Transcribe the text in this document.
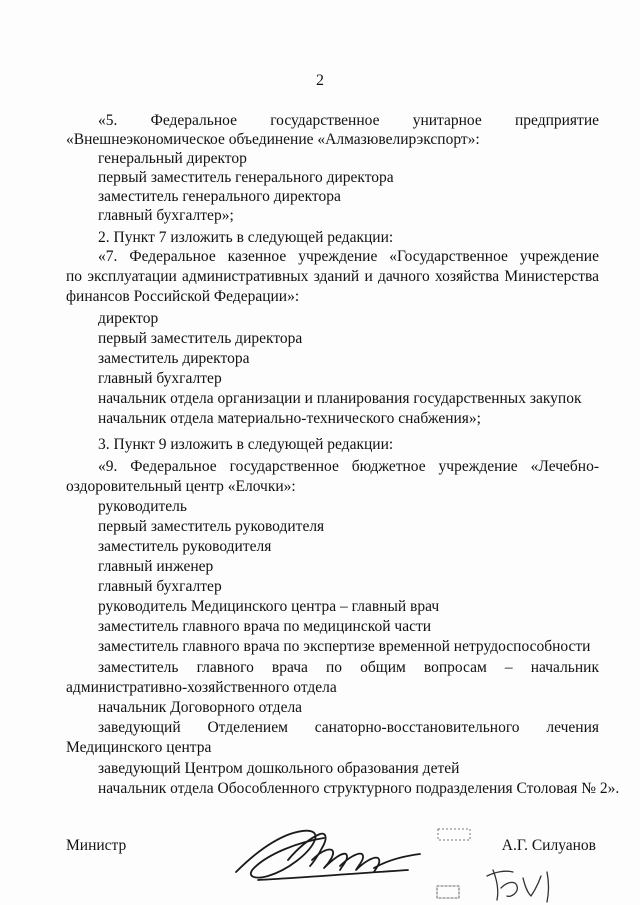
2
«5. Федеральное государственное унитарное предприятие
«Внешнеэкономическое объединение «Алмазювелирэкспорт»:
генеральный директор
первый заместитель генерального директора
заместитель генерального директора
главный бухгалтер»;
2. Пункт 7 изложить в следующей редакции:
«7. Федеральное казенное учреждение «Государственное учреждение
по эксплуатации административных зданий и дачного хозяйства Министерства
финансов Российской Федерации»:
директор
первый заместитель директора
заместитель директора
главный бухгалтер
начальник отдела организации и планирования государственных закупок
начальник отдела материально-технического снабжения»;
3. Пункт 9 изложить в следующей редакции:
«9. Федеральное государственное бюджетное учреждение «Лечебно-
оздоровительный центр «Елочки»:
руководитель
первый заместитель руководителя
заместитель руководителя
главный инженер
главный бухгалтер
руководитель Медицинского центра – главный врач
заместитель главного врача по медицинской части
заместитель главного врача по экспертизе временной нетрудоспособности
заместитель главного врача по общим вопросам – начальник
административно-хозяйственного отдела
начальник Договорного отдела
заведующий Отделением санаторно-восстановительного лечения
Медицинского центра
заведующий Центром дошкольного образования детей
начальник отдела Обособленного структурного подразделения Столовая № 2».
Министр	А.Г. Силуанов
